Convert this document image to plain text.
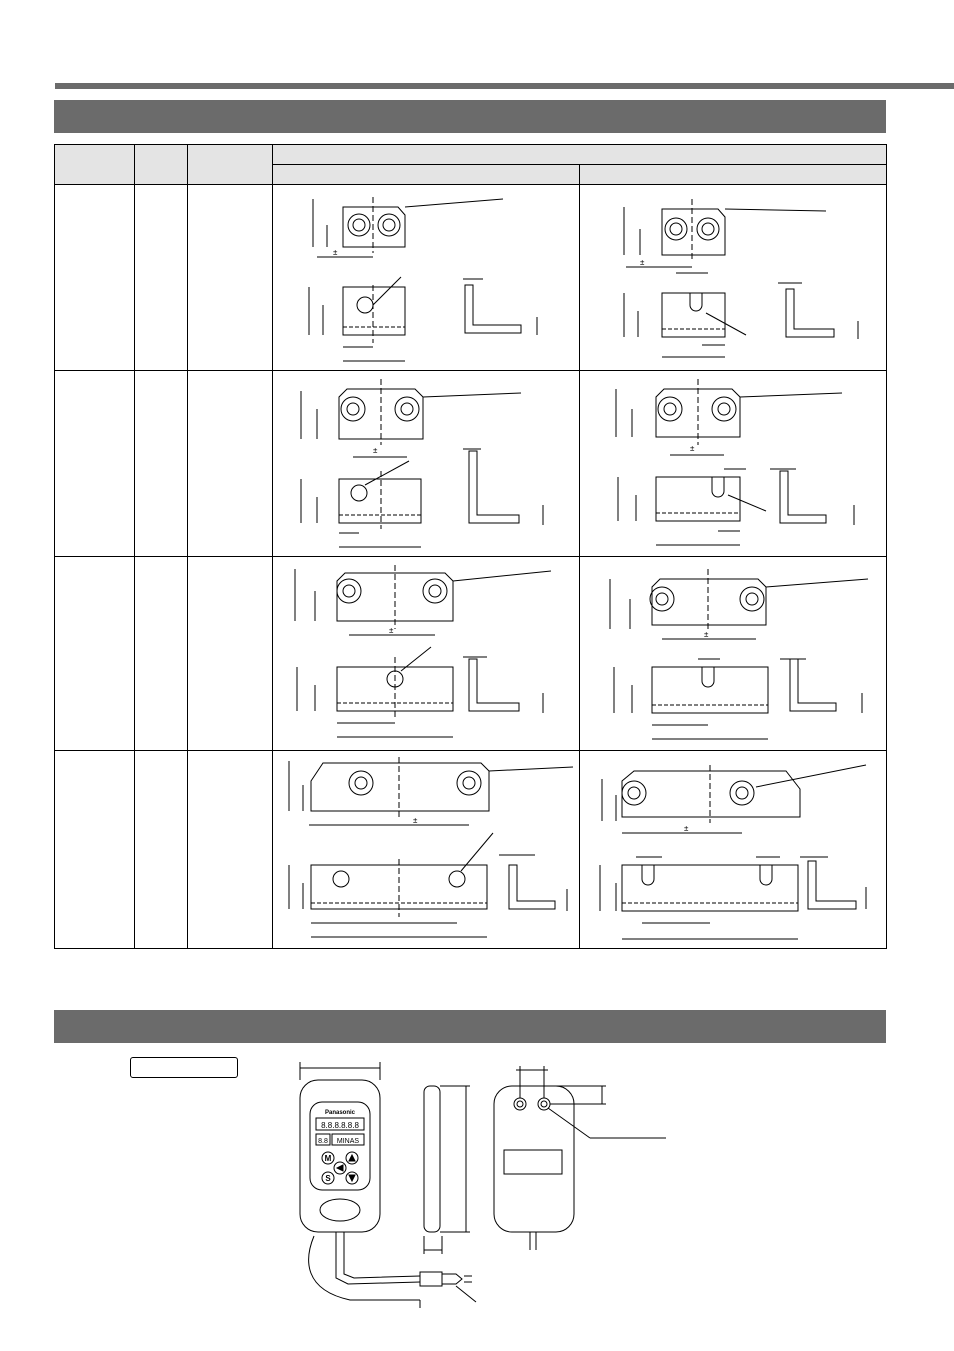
±	±

±	±

±	±

±	±
Panasonic
8.8.8.8.8.8
8.8 MINAS
M
S
